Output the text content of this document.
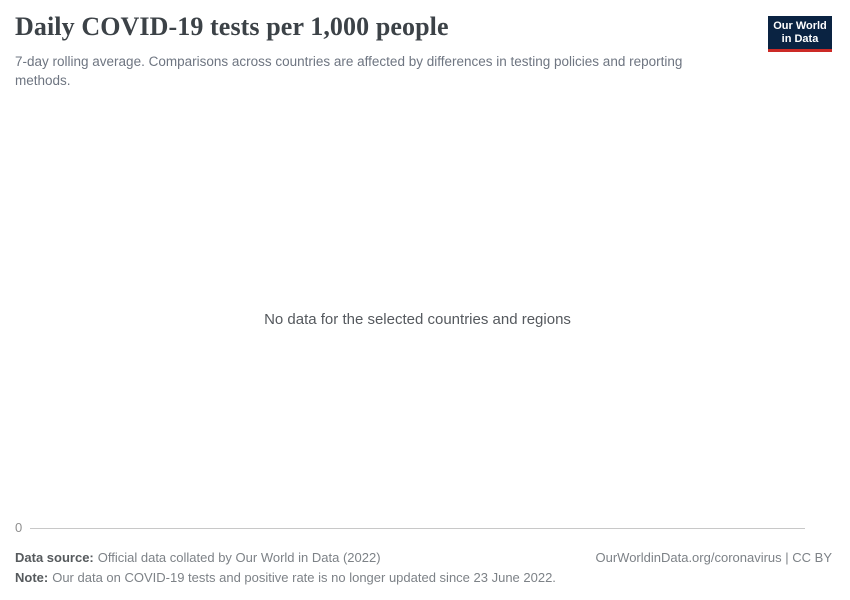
Daily COVID-19 tests per 1,000 people	Our World
in Data
7-day rolling average. Comparisons across countries are affected by differences in testing policies and reporting methods.
No data for the selected countries and regions
0
Data source: Official data collated by Our World in Data (2022)	OurWorldinData.org/coronavirus | CC BY
Note: Our data on COVID-19 tests and positive rate is no longer updated since 23 June 2022.
